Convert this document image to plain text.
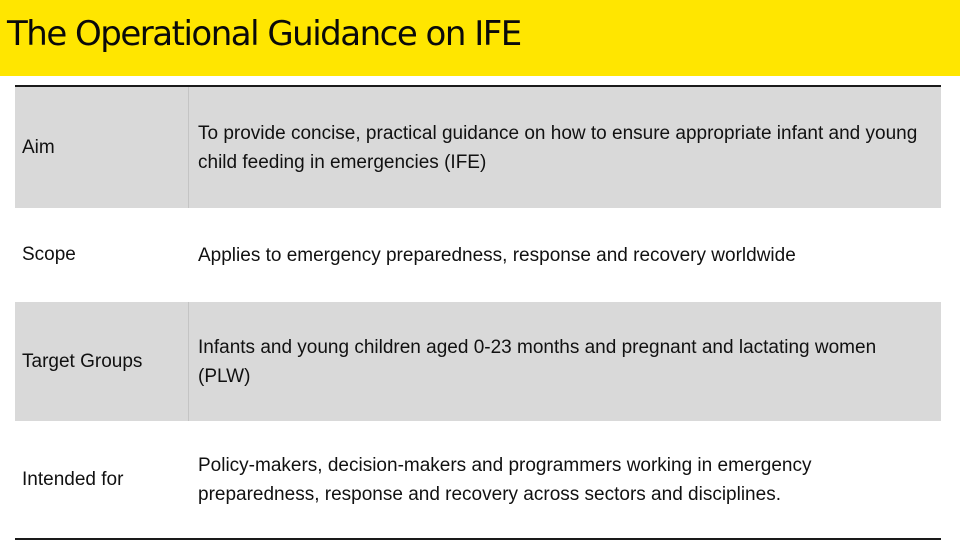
The Operational Guidance on IFE
Aim
To provide concise, practical guidance on how to ensure appropriate infant and young child feeding in emergencies (IFE)
Scope	Applies to emergency preparedness, response and recovery worldwide
Target Groups
Infants and young children aged 0-23 months and pregnant and lactating women (PLW)
Intended for
Policy-makers, decision-makers and programmers working in emergency preparedness, response and recovery across sectors and disciplines.
